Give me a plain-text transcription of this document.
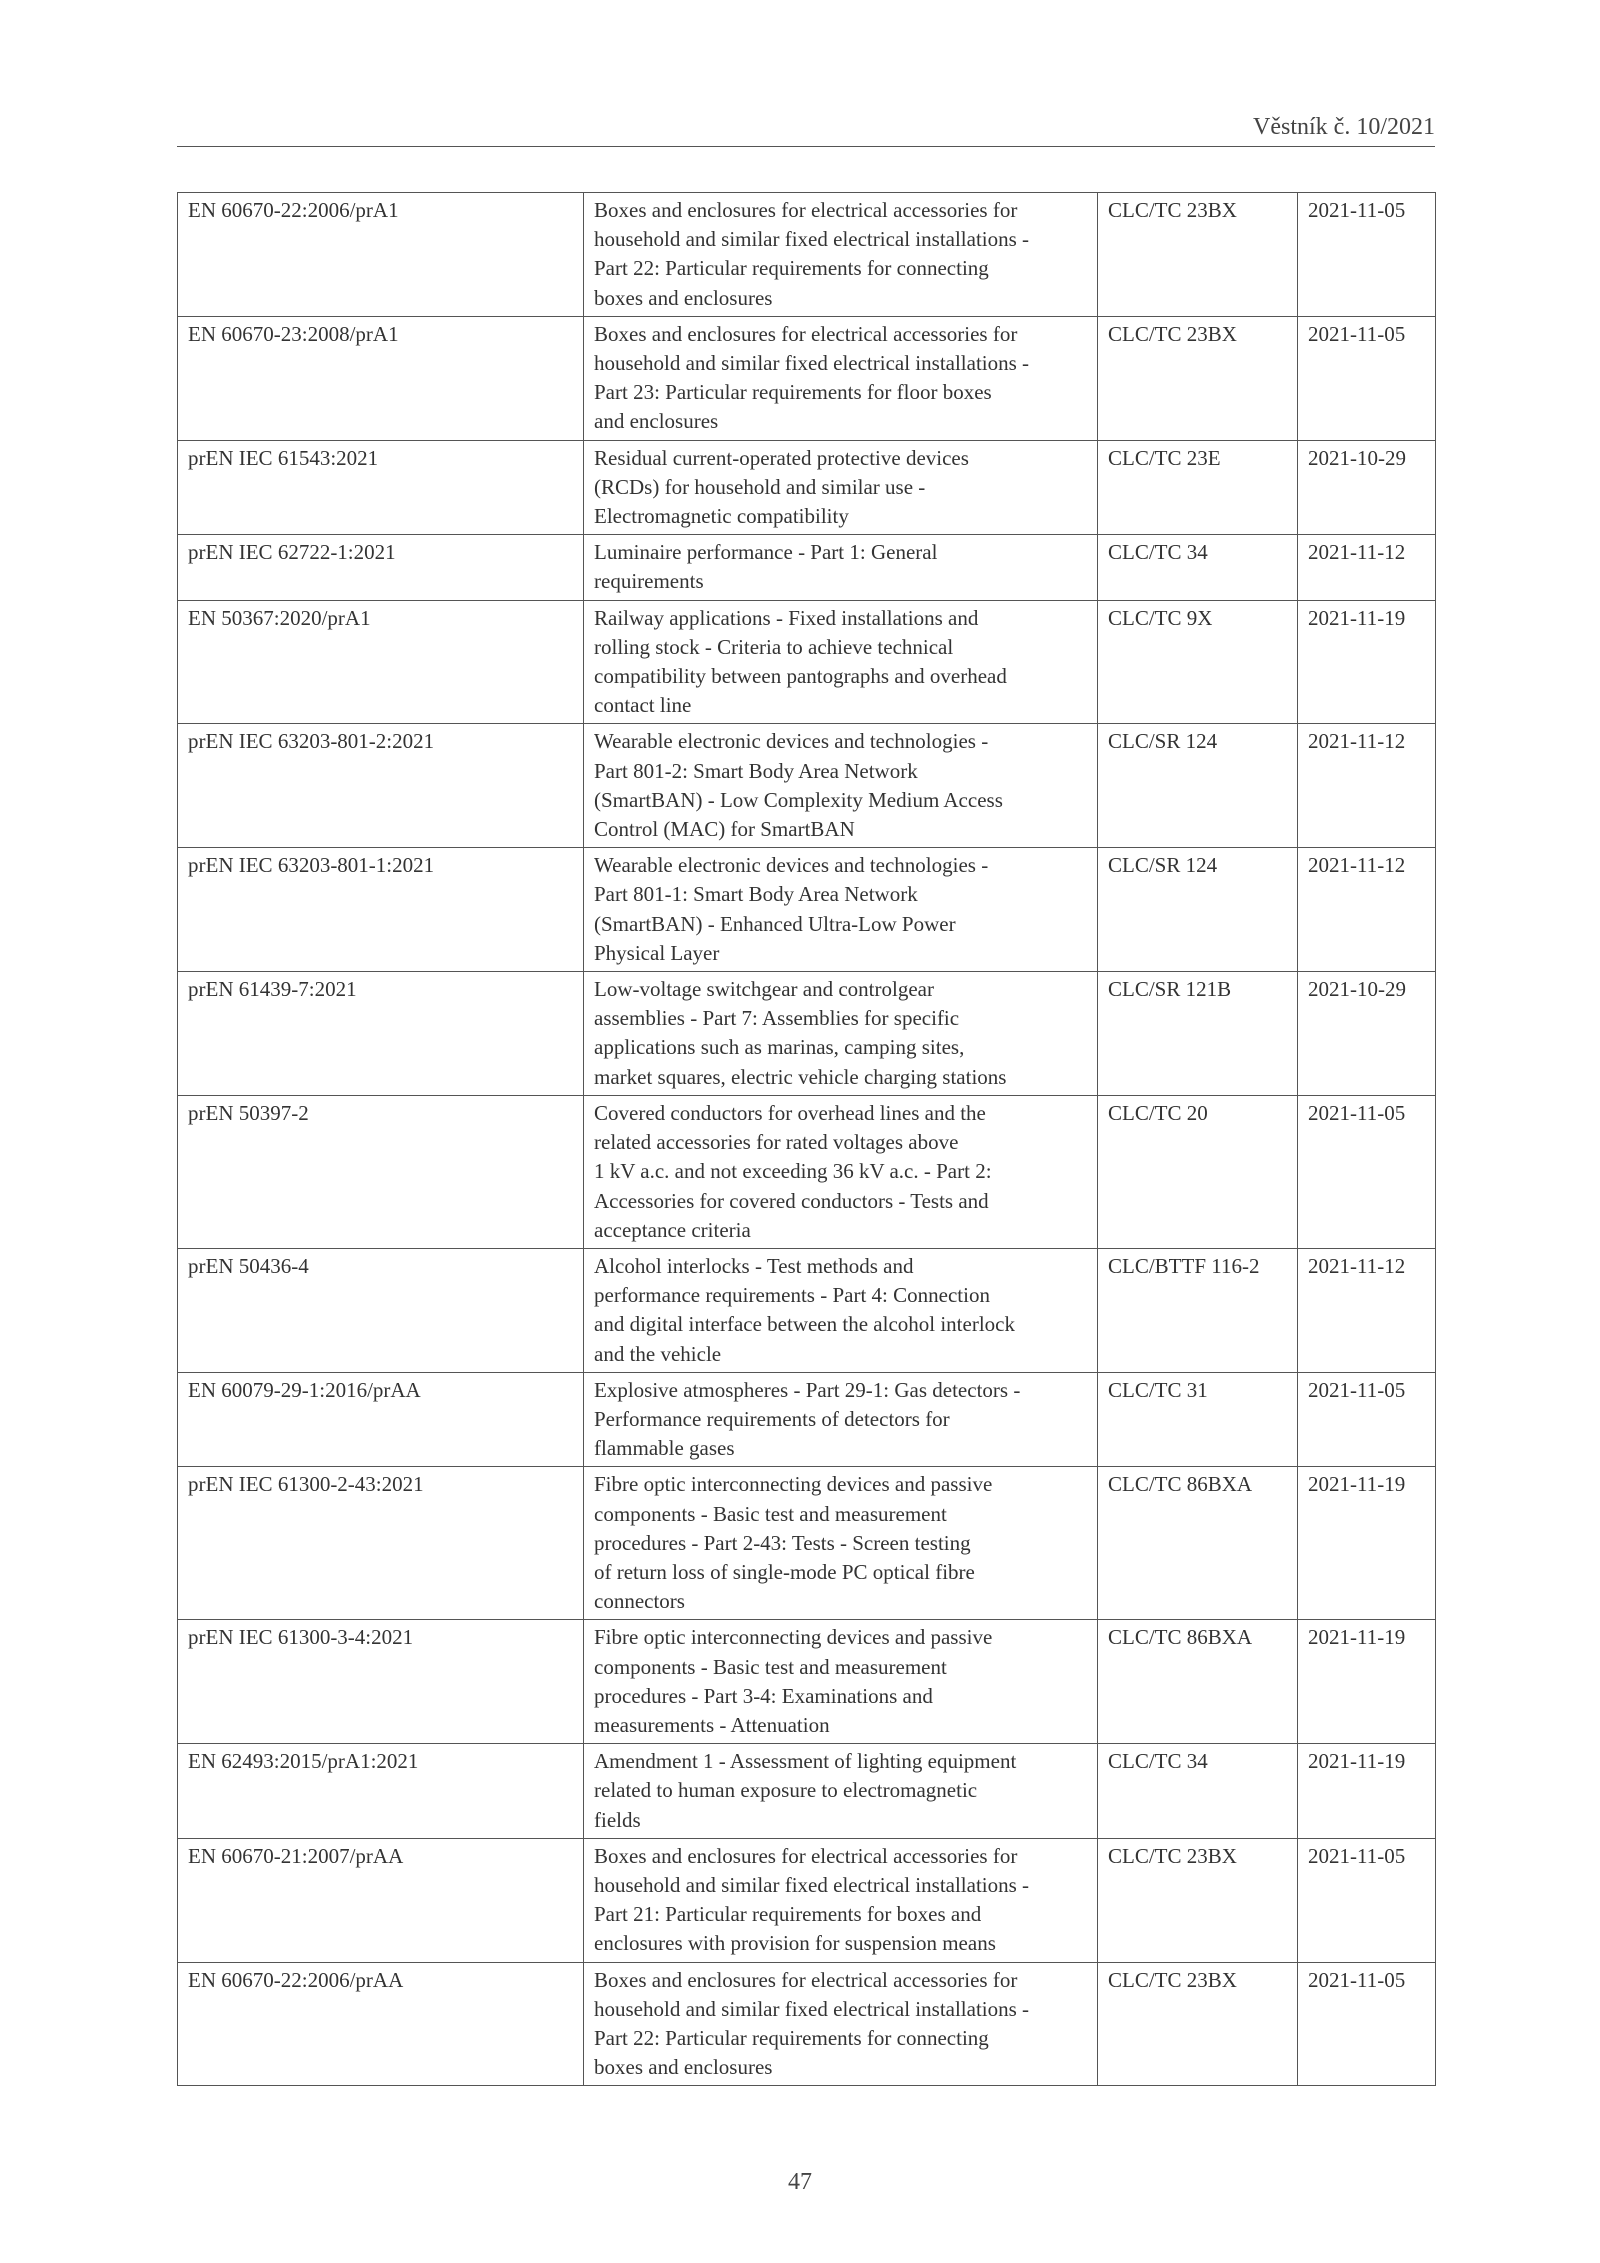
Věstník č. 10/2021
EN 60670-22:2006/prA1	Boxes and enclosures for electrical accessories for
household and similar fixed electrical installations -
Part 22: Particular requirements for connecting
boxes and enclosures	CLC/TC 23BX	2021-11-05
EN 60670-23:2008/prA1	Boxes and enclosures for electrical accessories for
household and similar fixed electrical installations -
Part 23: Particular requirements for floor boxes
and enclosures	CLC/TC 23BX	2021-11-05
prEN IEC 61543:2021	Residual current-operated protective devices
(RCDs) for household and similar use -
Electromagnetic compatibility	CLC/TC 23E	2021-10-29
prEN IEC 62722-1:2021	Luminaire performance - Part 1: General
requirements	CLC/TC 34	2021-11-12
EN 50367:2020/prA1	Railway applications - Fixed installations and
rolling stock - Criteria to achieve technical
compatibility between pantographs and overhead
contact line	CLC/TC 9X	2021-11-19
prEN IEC 63203-801-2:2021	Wearable electronic devices and technologies -
Part 801-2: Smart Body Area Network
(SmartBAN) - Low Complexity Medium Access
Control (MAC) for SmartBAN	CLC/SR 124	2021-11-12
prEN IEC 63203-801-1:2021	Wearable electronic devices and technologies -
Part 801-1: Smart Body Area Network
(SmartBAN) - Enhanced Ultra-Low Power
Physical Layer	CLC/SR 124	2021-11-12
prEN 61439-7:2021	Low-voltage switchgear and controlgear
assemblies - Part 7: Assemblies for specific
applications such as marinas, camping sites,
market squares, electric vehicle charging stations	CLC/SR 121B	2021-10-29
prEN 50397-2	Covered conductors for overhead lines and the
related accessories for rated voltages above
1 kV a.c. and not exceeding 36 kV a.c. - Part 2:
Accessories for covered conductors - Tests and
acceptance criteria	CLC/TC 20	2021-11-05
prEN 50436-4	Alcohol interlocks - Test methods and
performance requirements - Part 4: Connection
and digital interface between the alcohol interlock
and the vehicle	CLC/BTTF 116-2	2021-11-12
EN 60079-29-1:2016/prAA	Explosive atmospheres - Part 29-1: Gas detectors -
Performance requirements of detectors for
flammable gases	CLC/TC 31	2021-11-05
prEN IEC 61300-2-43:2021	Fibre optic interconnecting devices and passive
components - Basic test and measurement
procedures - Part 2-43: Tests - Screen testing
of return loss of single-mode PC optical fibre
connectors	CLC/TC 86BXA	2021-11-19
prEN IEC 61300-3-4:2021	Fibre optic interconnecting devices and passive
components - Basic test and measurement
procedures - Part 3-4: Examinations and
measurements - Attenuation	CLC/TC 86BXA	2021-11-19
EN 62493:2015/prA1:2021	Amendment 1 - Assessment of lighting equipment
related to human exposure to electromagnetic
fields	CLC/TC 34	2021-11-19
EN 60670-21:2007/prAA	Boxes and enclosures for electrical accessories for
household and similar fixed electrical installations -
Part 21: Particular requirements for boxes and
enclosures with provision for suspension means	CLC/TC 23BX	2021-11-05
EN 60670-22:2006/prAA	Boxes and enclosures for electrical accessories for
household and similar fixed electrical installations -
Part 22: Particular requirements for connecting
boxes and enclosures	CLC/TC 23BX	2021-11-05
47
